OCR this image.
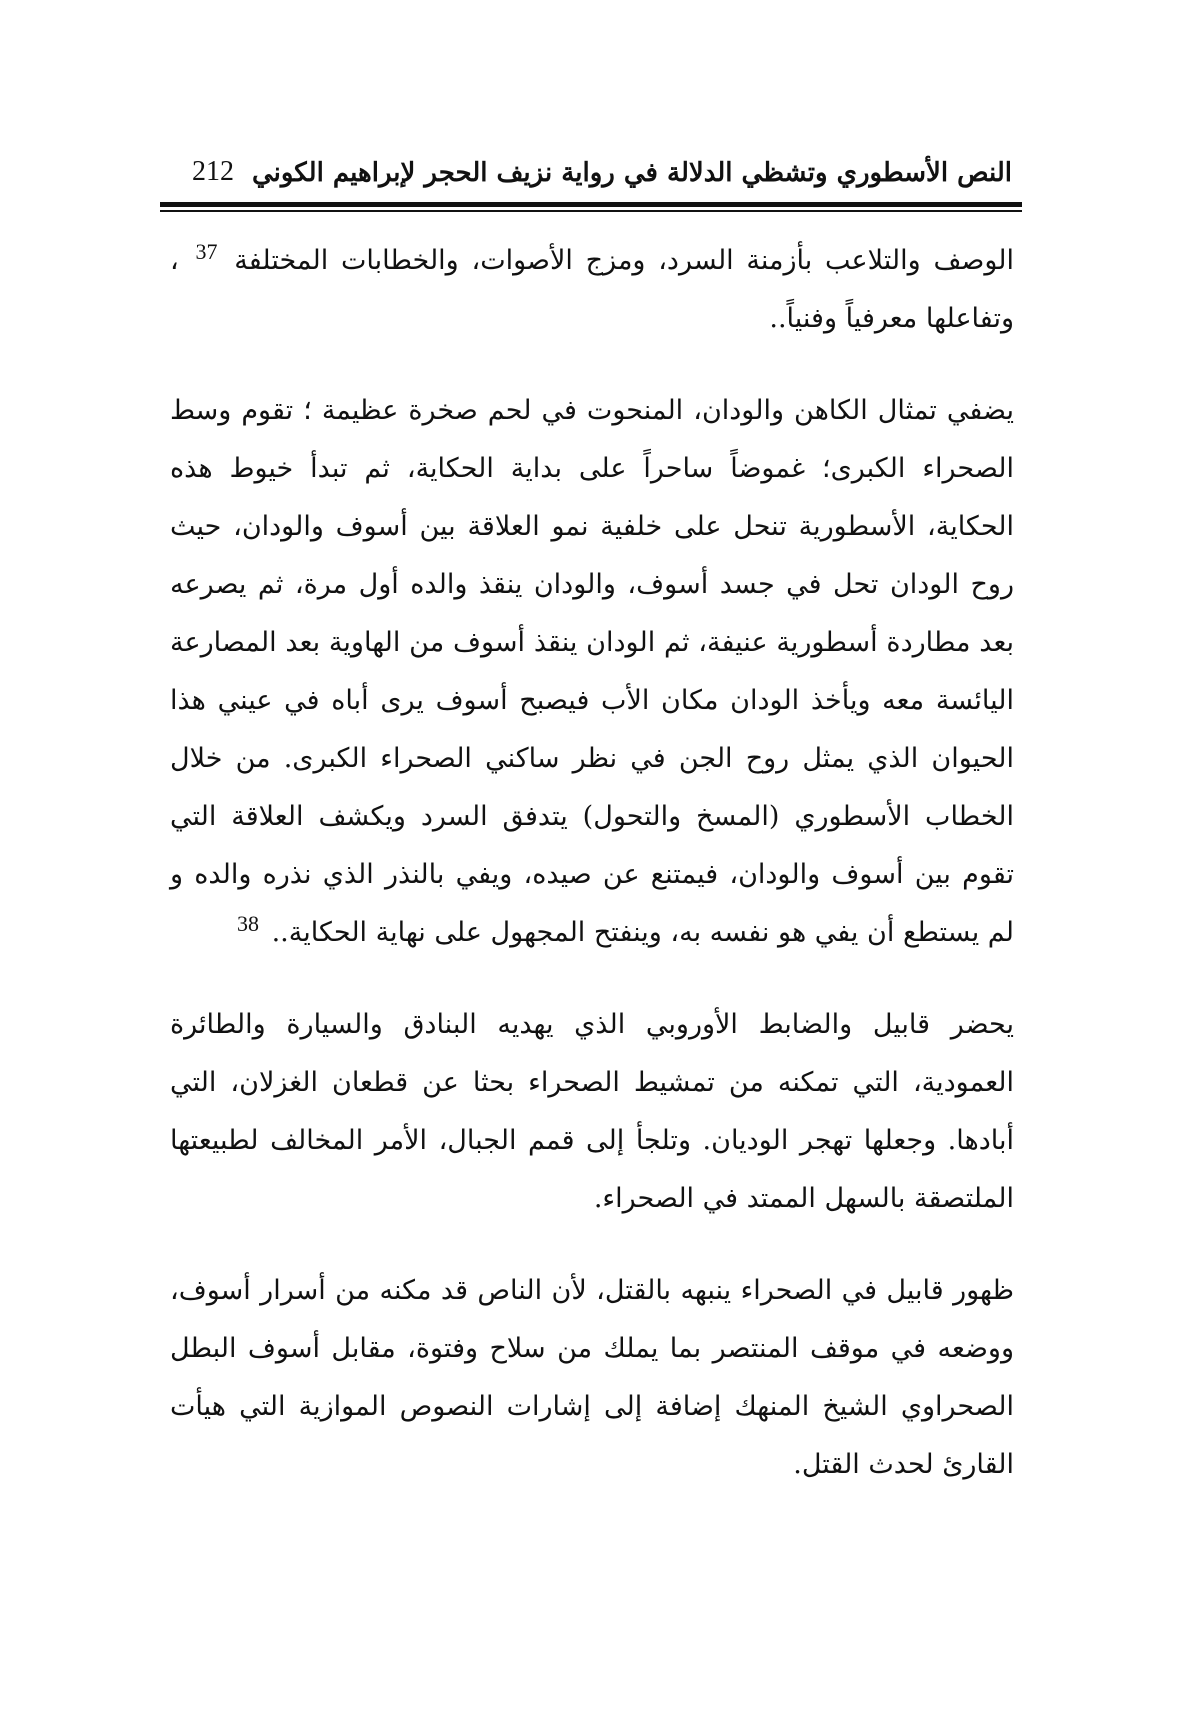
النص الأسطوري وتشظي الدلالة في رواية نزيف الحجر لإبراهيم الكوني
212

الوصف والتلاعب بأزمنة السرد، ومزج الأصوات، والخطابات المختلفة $^{37}$ ، وتفاعلها معرفياً وفنياً..

يضفي تمثال الكاهن والودان، المنحوت في لحم صخرة عظيمة ؛ تقوم وسط الصحراء الكبرى؛ غموضاً ساحراً على بداية الحكاية، ثم تبدأ خيوط هذه الحكاية، الأسطورية تنحل على خلفية نمو العلاقة بين أسوف والودان، حيث روح الودان تحل في جسد أسوف، والودان ينقذ والده أول مرة، ثم يصرعه بعد مطاردة أسطورية عنيفة، ثم الودان ينقذ أسوف من الهاوية بعد المصارعة اليائسة معه ويأخذ الودان مكان الأب فيصبح أسوف يرى أباه في عيني هذا الحيوان الذي يمثل روح الجن في نظر ساكني الصحراء الكبرى. من خلال الخطاب الأسطوري (المسخ والتحول) يتدفق السرد ويكشف العلاقة التي تقوم بين أسوف والودان، فيمتنع عن صيده، ويفي بالنذر الذي نذره والده و لم يستطع أن يفي هو نفسه به، وينفتح المجهول على نهاية الحكاية.. $^{38}$

يحضر قابيل والضابط الأوروبي الذي يهديه البنادق والسيارة والطائرة العمودية، التي تمكنه من تمشيط الصحراء بحثا عن قطعان الغزلان، التي أبادها. وجعلها تهجر الوديان. وتلجأ إلى قمم الجبال، الأمر المخالف لطبيعتها الملتصقة بالسهل الممتد في الصحراء.

ظهور قابيل في الصحراء ينبهه بالقتل، لأن الناص قد مكنه من أسرار أسوف، ووضعه في موقف المنتصر بما يملك من سلاح وفتوة، مقابل أسوف البطل الصحراوي الشيخ المنهك إضافة إلى إشارات النصوص الموازية التي هيأت القارئ لحدث القتل.
